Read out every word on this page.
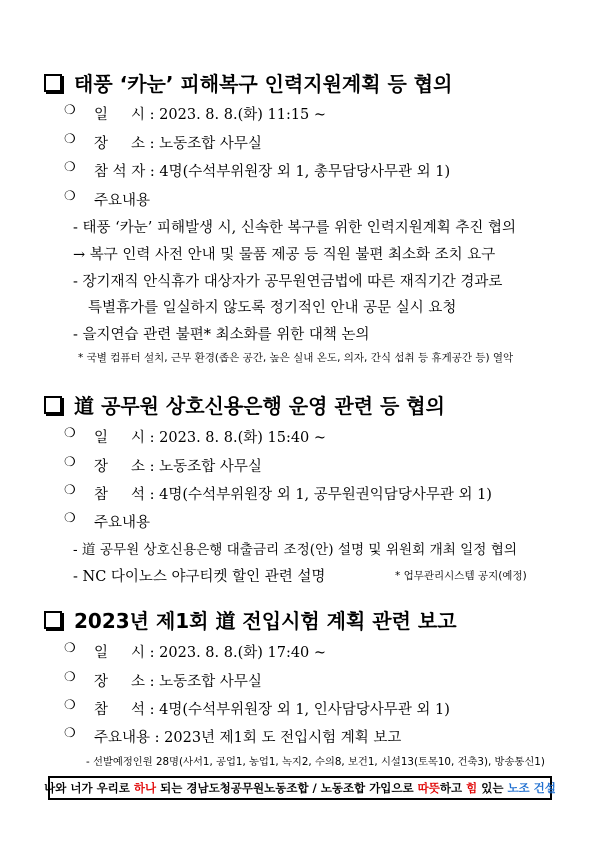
태풍 ‘카눈’ 피해복구 인력지원계획 등 협의
❍ 일     시 : 2023. 8. 8.(화) 11:15 ~
❍ 장     소 : 노동조합 사무실
❍ 참 석 자 : 4명(수석부위원장 외 1, 총무담당사무관 외 1)
❍ 주요내용
- 태풍 ‘카눈’ 피해발생 시, 신속한 복구를 위한 인력지원계획 추진 협의
→ 복구 인력 사전 안내 및 물품 제공 등 직원 불편 최소화 조치 요구
- 장기재직 안식휴가 대상자가 공무원연금법에 따른 재직기간 경과로
특별휴가를 일실하지 않도록 정기적인 안내 공문 실시 요청
- 을지연습 관련 불편* 최소화를 위한 대책 논의
* 국별 컴퓨터 설치, 근무 환경(좁은 공간, 높은 실내 온도, 의자, 간식 섭취 등 휴게공간 등) 열악
道 공무원 상호신용은행 운영 관련 등 협의
❍ 일     시 : 2023. 8. 8.(화) 15:40 ~
❍ 장     소 : 노동조합 사무실
❍ 참     석 : 4명(수석부위원장 외 1, 공무원권익담당사무관 외 1)
❍ 주요내용
- 道 공무원 상호신용은행 대출금리 조정(안) 설명 및 위원회 개최 일정 협의
- NC 다이노스 야구티켓 할인 관련 설명	* 업무관리시스템 공지(예정)
2023년 제1회 道 전입시험 계획 관련 보고
❍ 일     시 : 2023. 8. 8.(화) 17:40 ~
❍ 장     소 : 노동조합 사무실
❍ 참     석 : 4명(수석부위원장 외 1, 인사담당사무관 외 1)
❍ 주요내용 : 2023년 제1회 도 전입시험 계획 보고
- 선발예정인원 28명(사서1, 공업1, 농업1, 녹지2, 수의8, 보건1, 시설13(토목10, 건축3), 방송통신1)
나와 너가 우리로 하나 되는 경남도청공무원노동조합 / 노동조합 가입으로 따뜻 하고 힘 있는 노조 건설
